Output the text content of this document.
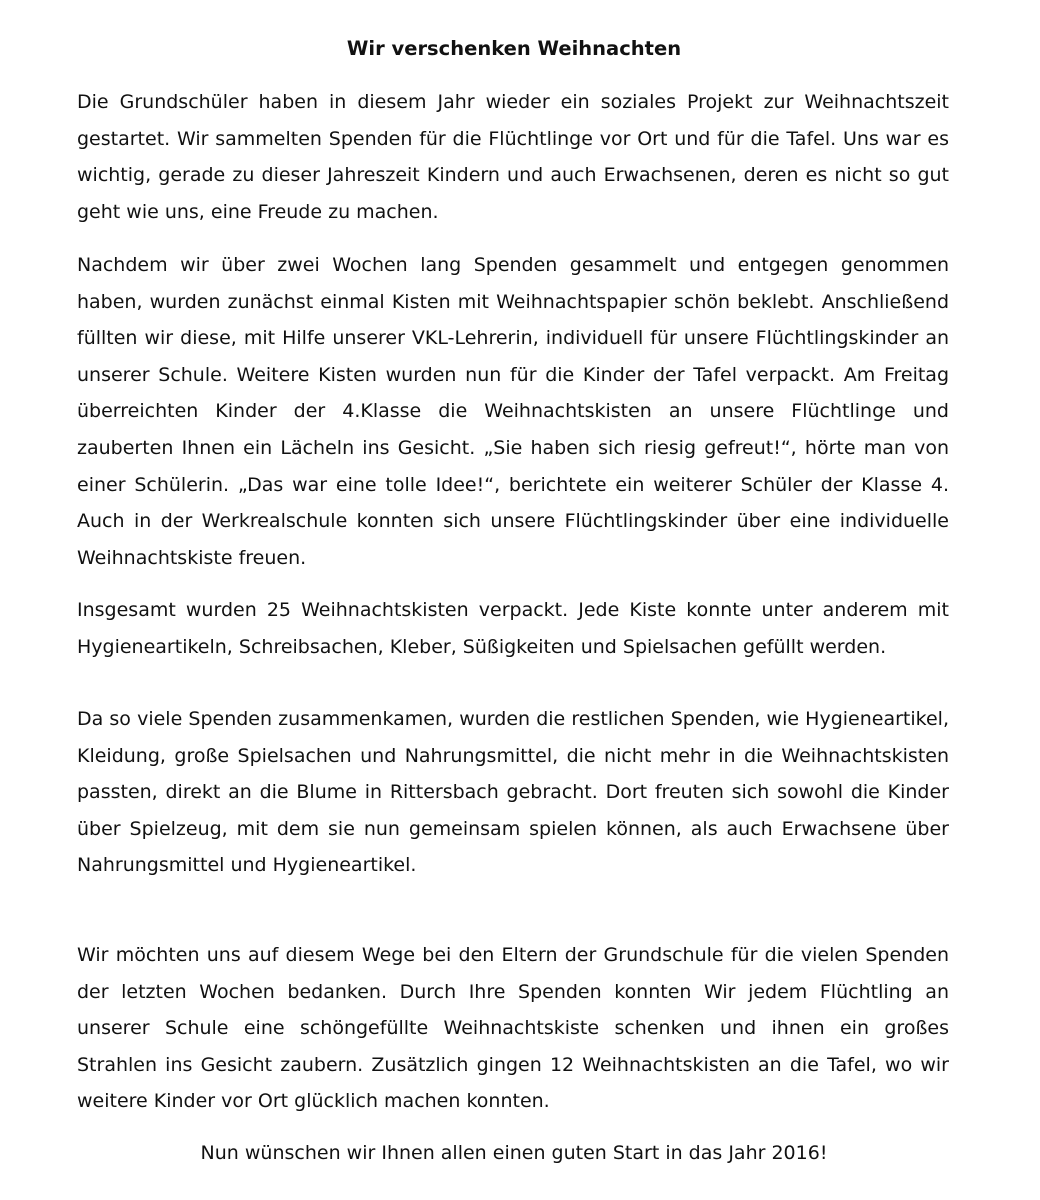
Wir verschenken Weihnachten

Die Grundschüler haben in diesem Jahr wieder ein soziales Projekt zur Weihnachtszeit gestartet. Wir sammelten Spenden für die Flüchtlinge vor Ort und für die Tafel. Uns war es wichtig, gerade zu dieser Jahreszeit Kindern und auch Erwachsenen, deren es nicht so gut geht wie uns, eine Freude zu machen.

Nachdem wir über zwei Wochen lang Spenden gesammelt und entgegen genommen haben, wurden zunächst einmal Kisten mit Weihnachtspapier schön beklebt. Anschließend füllten wir diese, mit Hilfe unserer VKL-Lehrerin, individuell für unsere Flüchtlingskinder an unserer Schule. Weitere Kisten wurden nun für die Kinder der Tafel verpackt. Am Freitag überreichten Kinder der 4.Klasse die Weihnachtskisten an unsere Flüchtlinge und zauberten Ihnen ein Lächeln ins Gesicht. „Sie haben sich riesig gefreut!“, hörte man von einer Schülerin. „Das war eine tolle Idee!“, berichtete ein weiterer Schüler der Klasse 4. Auch in der Werkrealschule konnten sich unsere Flüchtlingskinder über eine individuelle Weihnachtskiste freuen.

Insgesamt wurden 25 Weihnachtskisten verpackt. Jede Kiste konnte unter anderem mit Hygieneartikeln, Schreibsachen, Kleber, Süßigkeiten und Spielsachen gefüllt werden.

Da so viele Spenden zusammenkamen, wurden die restlichen Spenden, wie Hygieneartikel, Kleidung, große Spielsachen und Nahrungsmittel, die nicht mehr in die Weihnachtskisten passten, direkt an die Blume in Rittersbach gebracht. Dort freuten sich sowohl die Kinder über Spielzeug, mit dem sie nun gemeinsam spielen können, als auch Erwachsene über Nahrungsmittel und Hygieneartikel.

Wir möchten uns auf diesem Wege bei den Eltern der Grundschule für die vielen Spenden der letzten Wochen bedanken. Durch Ihre Spenden konnten Wir jedem Flüchtling an unserer Schule eine schöngefüllte Weihnachtskiste schenken und ihnen ein großes Strahlen ins Gesicht zaubern. Zusätzlich gingen 12 Weihnachtskisten an die Tafel, wo wir weitere Kinder vor Ort glücklich machen konnten.

Nun wünschen wir Ihnen allen einen guten Start in das Jahr 2016!
